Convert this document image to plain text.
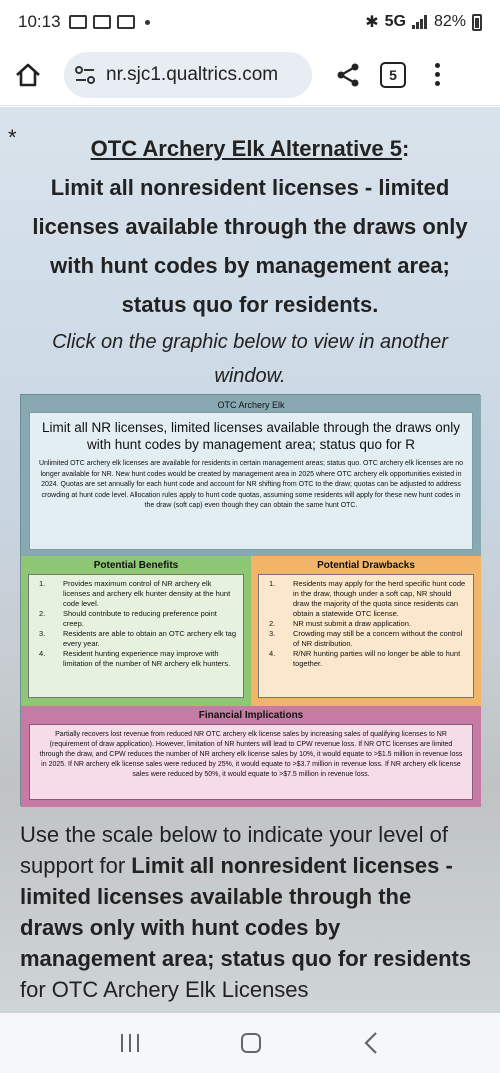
10:13	✱ 5G 82%
nr.sjc1.qualtrics.com	5
*	OTC Archery Elk Alternative 5:
Limit all nonresident licenses - limited licenses available through the draws only with hunt codes by management area; status quo for residents.
Click on the graphic below to view in another window.
OTC Archery Elk
Limit all NR licenses, limited licenses available through the draws only with hunt codes by management area; status quo for R
Unlimited OTC archery elk licenses are available for residents in certain management areas; status quo. OTC archery elk licenses are no longer available for NR. New hunt codes would be created by management area in 2025 where OTC archery elk opportunities existed in 2024. Quotas are set annually for each hunt code and account for NR shifting from OTC to the draw; quotas can be adjusted to address crowding at hunt code level. Allocation rules apply to hunt code quotas, assuming some residents will apply for these new hunt codes in the draw (soft cap) even though they can obtain the same hunt OTC.
Potential Benefits
1.	Provides maximum control of NR archery elk licenses and archery elk hunter density at the hunt code level.
2.	Should contribute to reducing preference point creep.
3.	Residents are able to obtain an OTC archery elk tag every year.
4.	Resident hunting experience may improve with limitation of the number of NR archery elk hunters.
Potential Drawbacks
1.	Residents may apply for the herd specific hunt code in the draw, though under a soft cap, NR should draw the majority of the quota since residents can obtain a statewide OTC license.
2.	NR must submit a draw application.
3.	Crowding may still be a concern without the control of NR distribution.
4.	R/NR hunting parties will no longer be able to hunt together.
Financial Implications
Partially recovers lost revenue from reduced NR OTC archery elk license sales by increasing sales of qualifying licenses to NR (requirement of draw application). However, limitation of NR hunters will lead to CPW revenue loss. If NR OTC licenses are limited through the draw, and CPW reduces the number of NR archery elk license sales by 10%, it would equate to >$1.5 million in revenue loss in 2025. If NR archery elk license sales were reduced by 25%, it would equate to >$3.7 million in revenue loss. If NR archery elk license sales were reduced by 50%, it would equate to >$7.5 million in revenue loss.
Use the scale below to indicate your level of support for Limit all nonresident licenses - limited licenses available through the draws only with hunt codes by management area; status quo for residents for OTC Archery Elk Licenses
